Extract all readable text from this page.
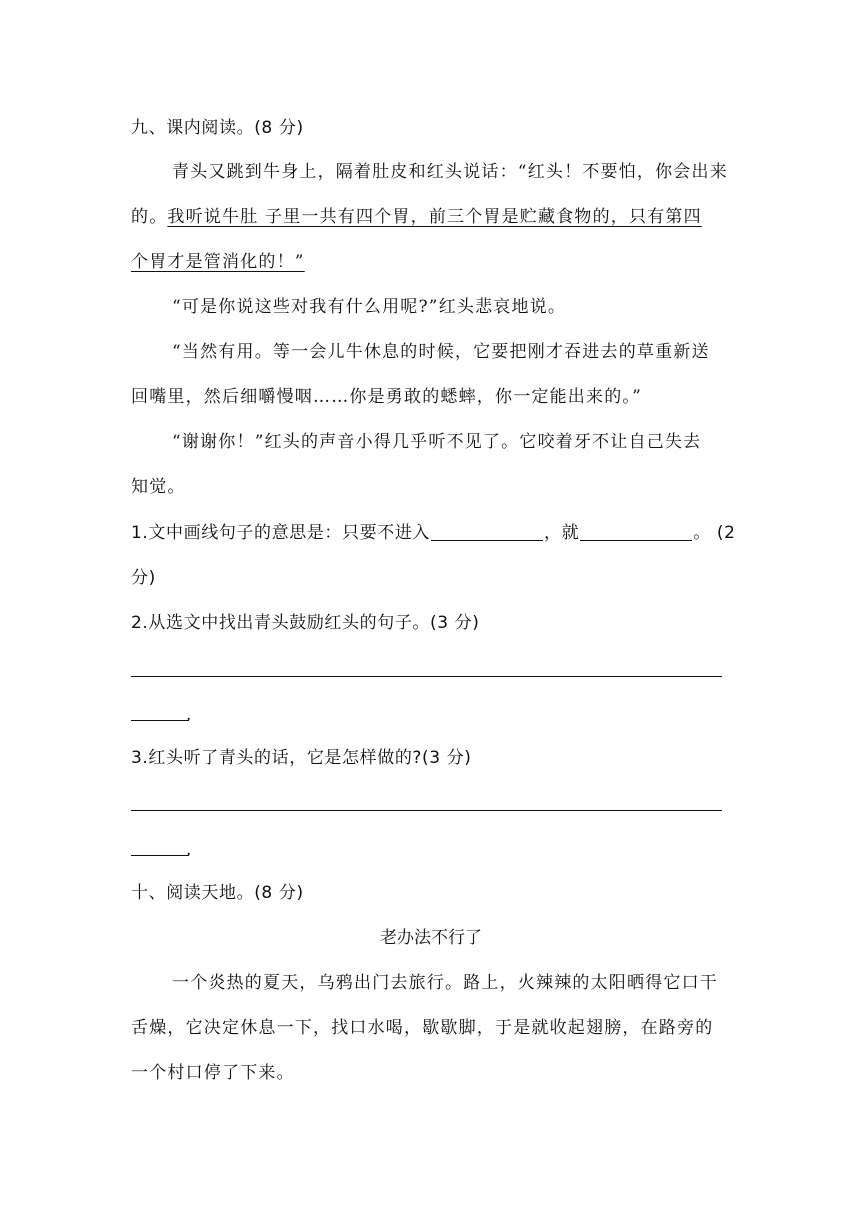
九、课内阅读。(8 分)
青头又跳到牛身上，隔着肚皮和红头说话：“红头！不要怕，你会出来
的。我听说牛肚 子里一共有四个胃，前三个胃是贮藏食物的，只有第四
个胃才是管消化的！”
“可是你说这些对我有什么用呢?”红头悲哀地说。
“当然有用。等一会儿牛休息的时候，它要把刚才吞进去的草重新送
回嘴里，然后细嚼慢咽……你是勇敢的蟋蟀，你一定能出来的。”
“谢谢你！”红头的声音小得几乎听不见了。它咬着牙不让自己失去
知觉。
1.文中画线句子的意思是：只要不进入	，就	。 (2
分)
2.从选文中找出青头鼓励红头的句子。(3 分)
.
3.红头听了青头的话，它是怎样做的?(3 分)
.
十、阅读天地。(8 分)
老办法不行了
一个炎热的夏天，乌鸦出门去旅行。路上，火辣辣的太阳晒得它口干
舌燥，它决定休息一下，找口水喝，歇歇脚，于是就收起翅膀，在路旁的
一个村口停了下来。
